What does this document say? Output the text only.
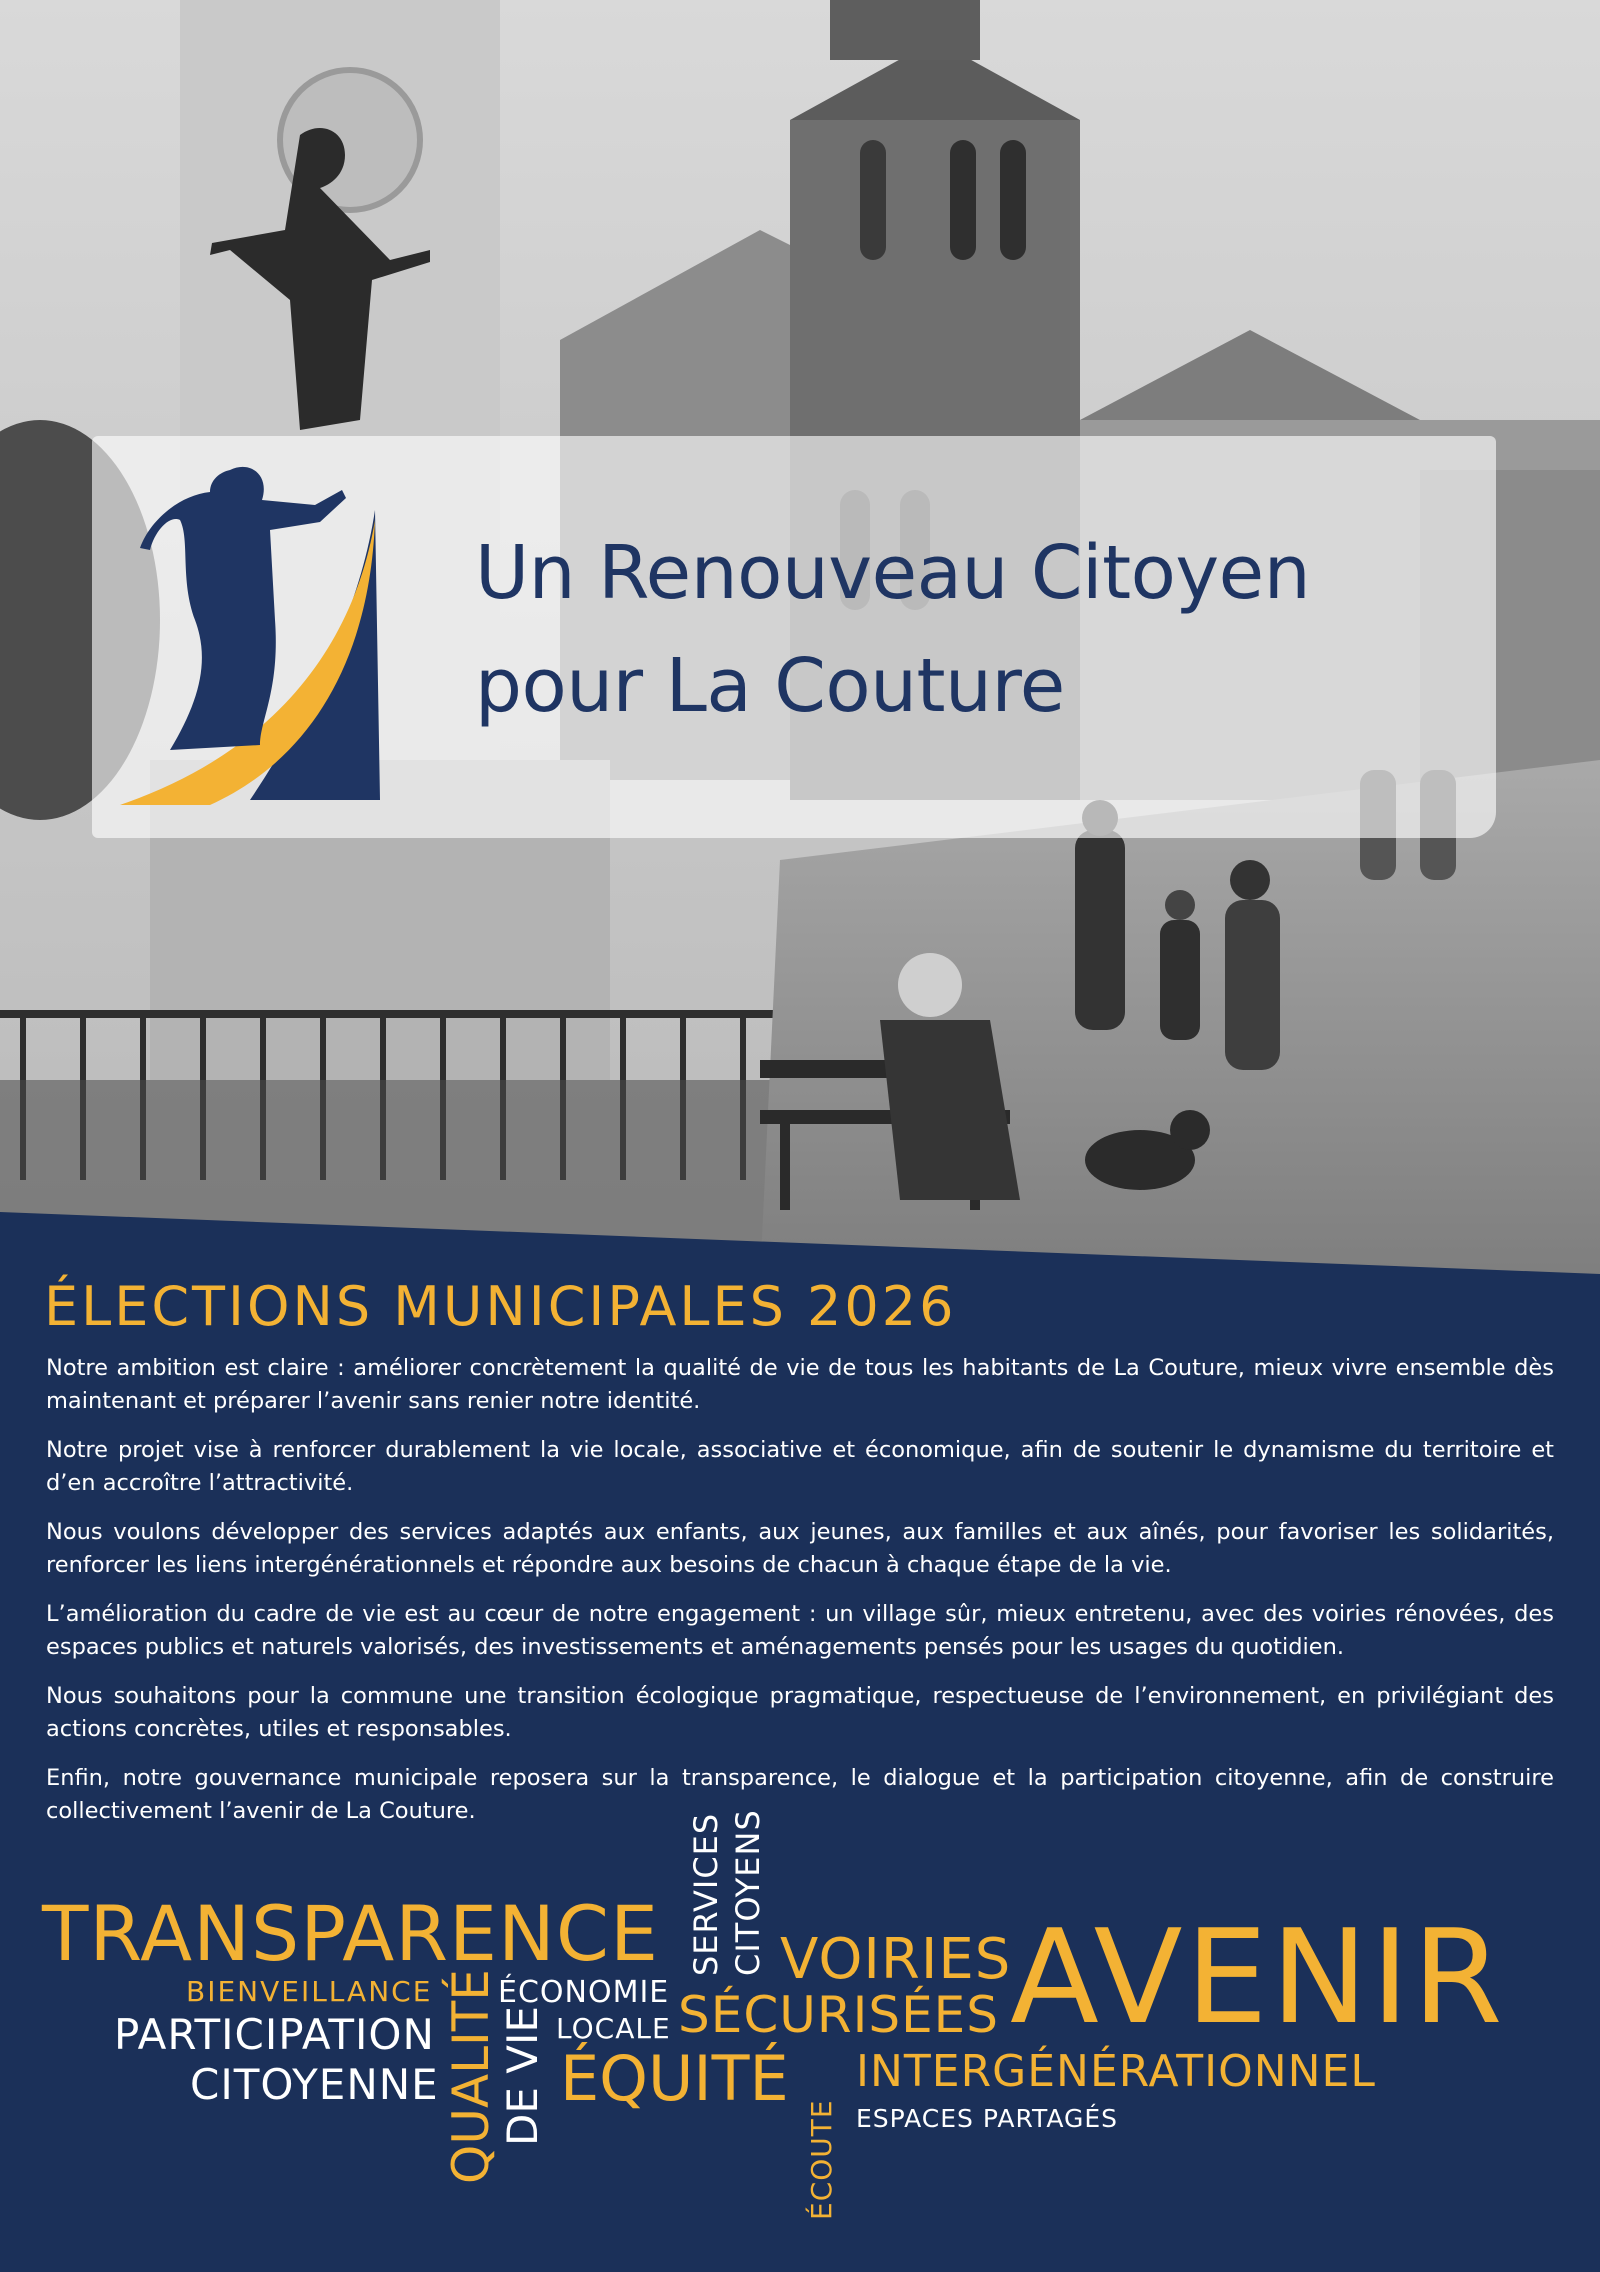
Un Renouveau Citoyen
pour La Couture
ÉLECTIONS MUNICIPALES 2026

Notre ambition est claire : améliorer concrètement la qualité de vie de tous les habitants de La Couture, mieux vivre ensemble dès maintenant et préparer l’avenir sans renier notre identité.

Notre projet vise à renforcer durablement la vie locale, associative et économique, afin de soutenir le dynamisme du territoire et d’en accroître l’attractivité.

Nous voulons développer des services adaptés aux enfants, aux jeunes, aux familles et aux aînés, pour favoriser les solidarités, renforcer les liens intergénérationnels et répondre aux besoins de chacun à chaque étape de la vie.

L’amélioration du cadre de vie est au cœur de notre engagement : un village sûr, mieux entretenu, avec des voiries rénovées, des espaces publics et naturels valorisés, des investissements et aménagements pensés pour les usages du quotidien.

Nous souhaitons pour la commune une transition écologique pragmatique, respectueuse de l’environnement, en privilégiant des actions concrètes, utiles et responsables.

Enfin, notre gouvernance municipale reposera sur la transparence, le dialogue et la participation citoyenne, afin de construire collectivement l’avenir de La Couture.

TRANSPARENCE
BIENVEILLANCE
PARTICIPATION
CITOYENNE QUALITÉ
DE VIE
ÉCONOMIE
LOCALE
SERVICES CITOYENS
ÉQUITÉ
VOIRIES
SÉCURISÉES
ÉCOUTE
AVENIR
INTERGÉNÉRATIONNEL
ESPACES PARTAGÉS
